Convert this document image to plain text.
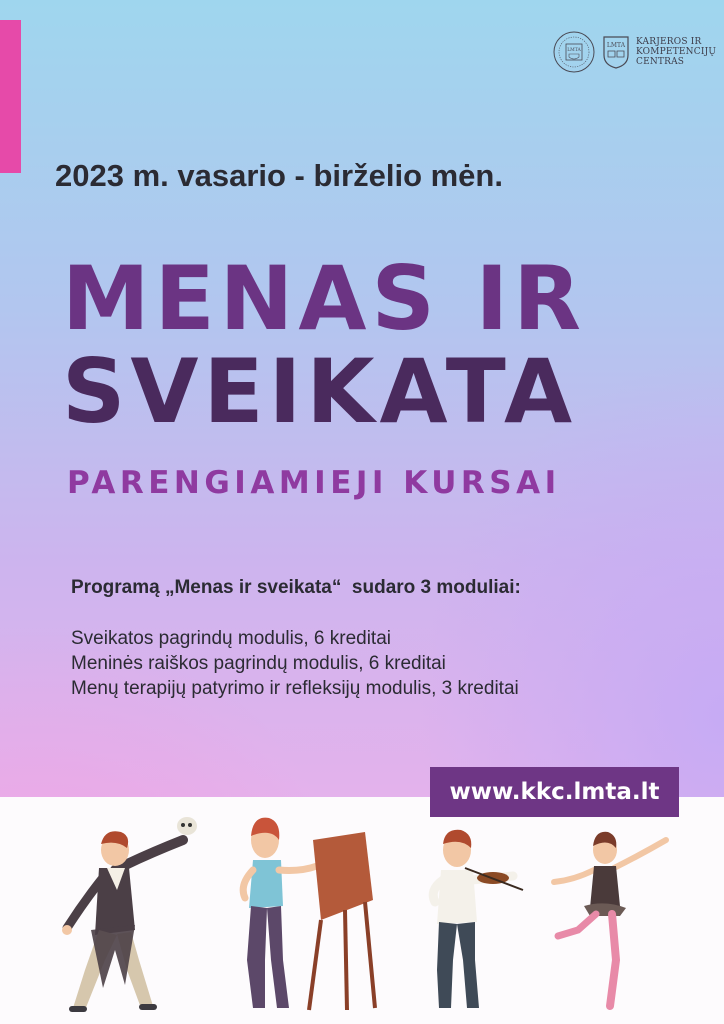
LMTA
LMTA KARJEROS IR
KOMPETENCIJŲ
CENTRAS
2023 m. vasario - birželio mėn.
MENAS IR
SVEIKATA
PARENGIAMIEJI KURSAI
Programą „Menas ir sveikata“  sudaro 3 moduliai:
Sveikatos pagrindų modulis, 6 kreditai
Meninės raiškos pagrindų modulis, 6 kreditai
Menų terapijų patyrimo ir refleksijų modulis, 3 kreditai
www.kkc.lmta.lt
